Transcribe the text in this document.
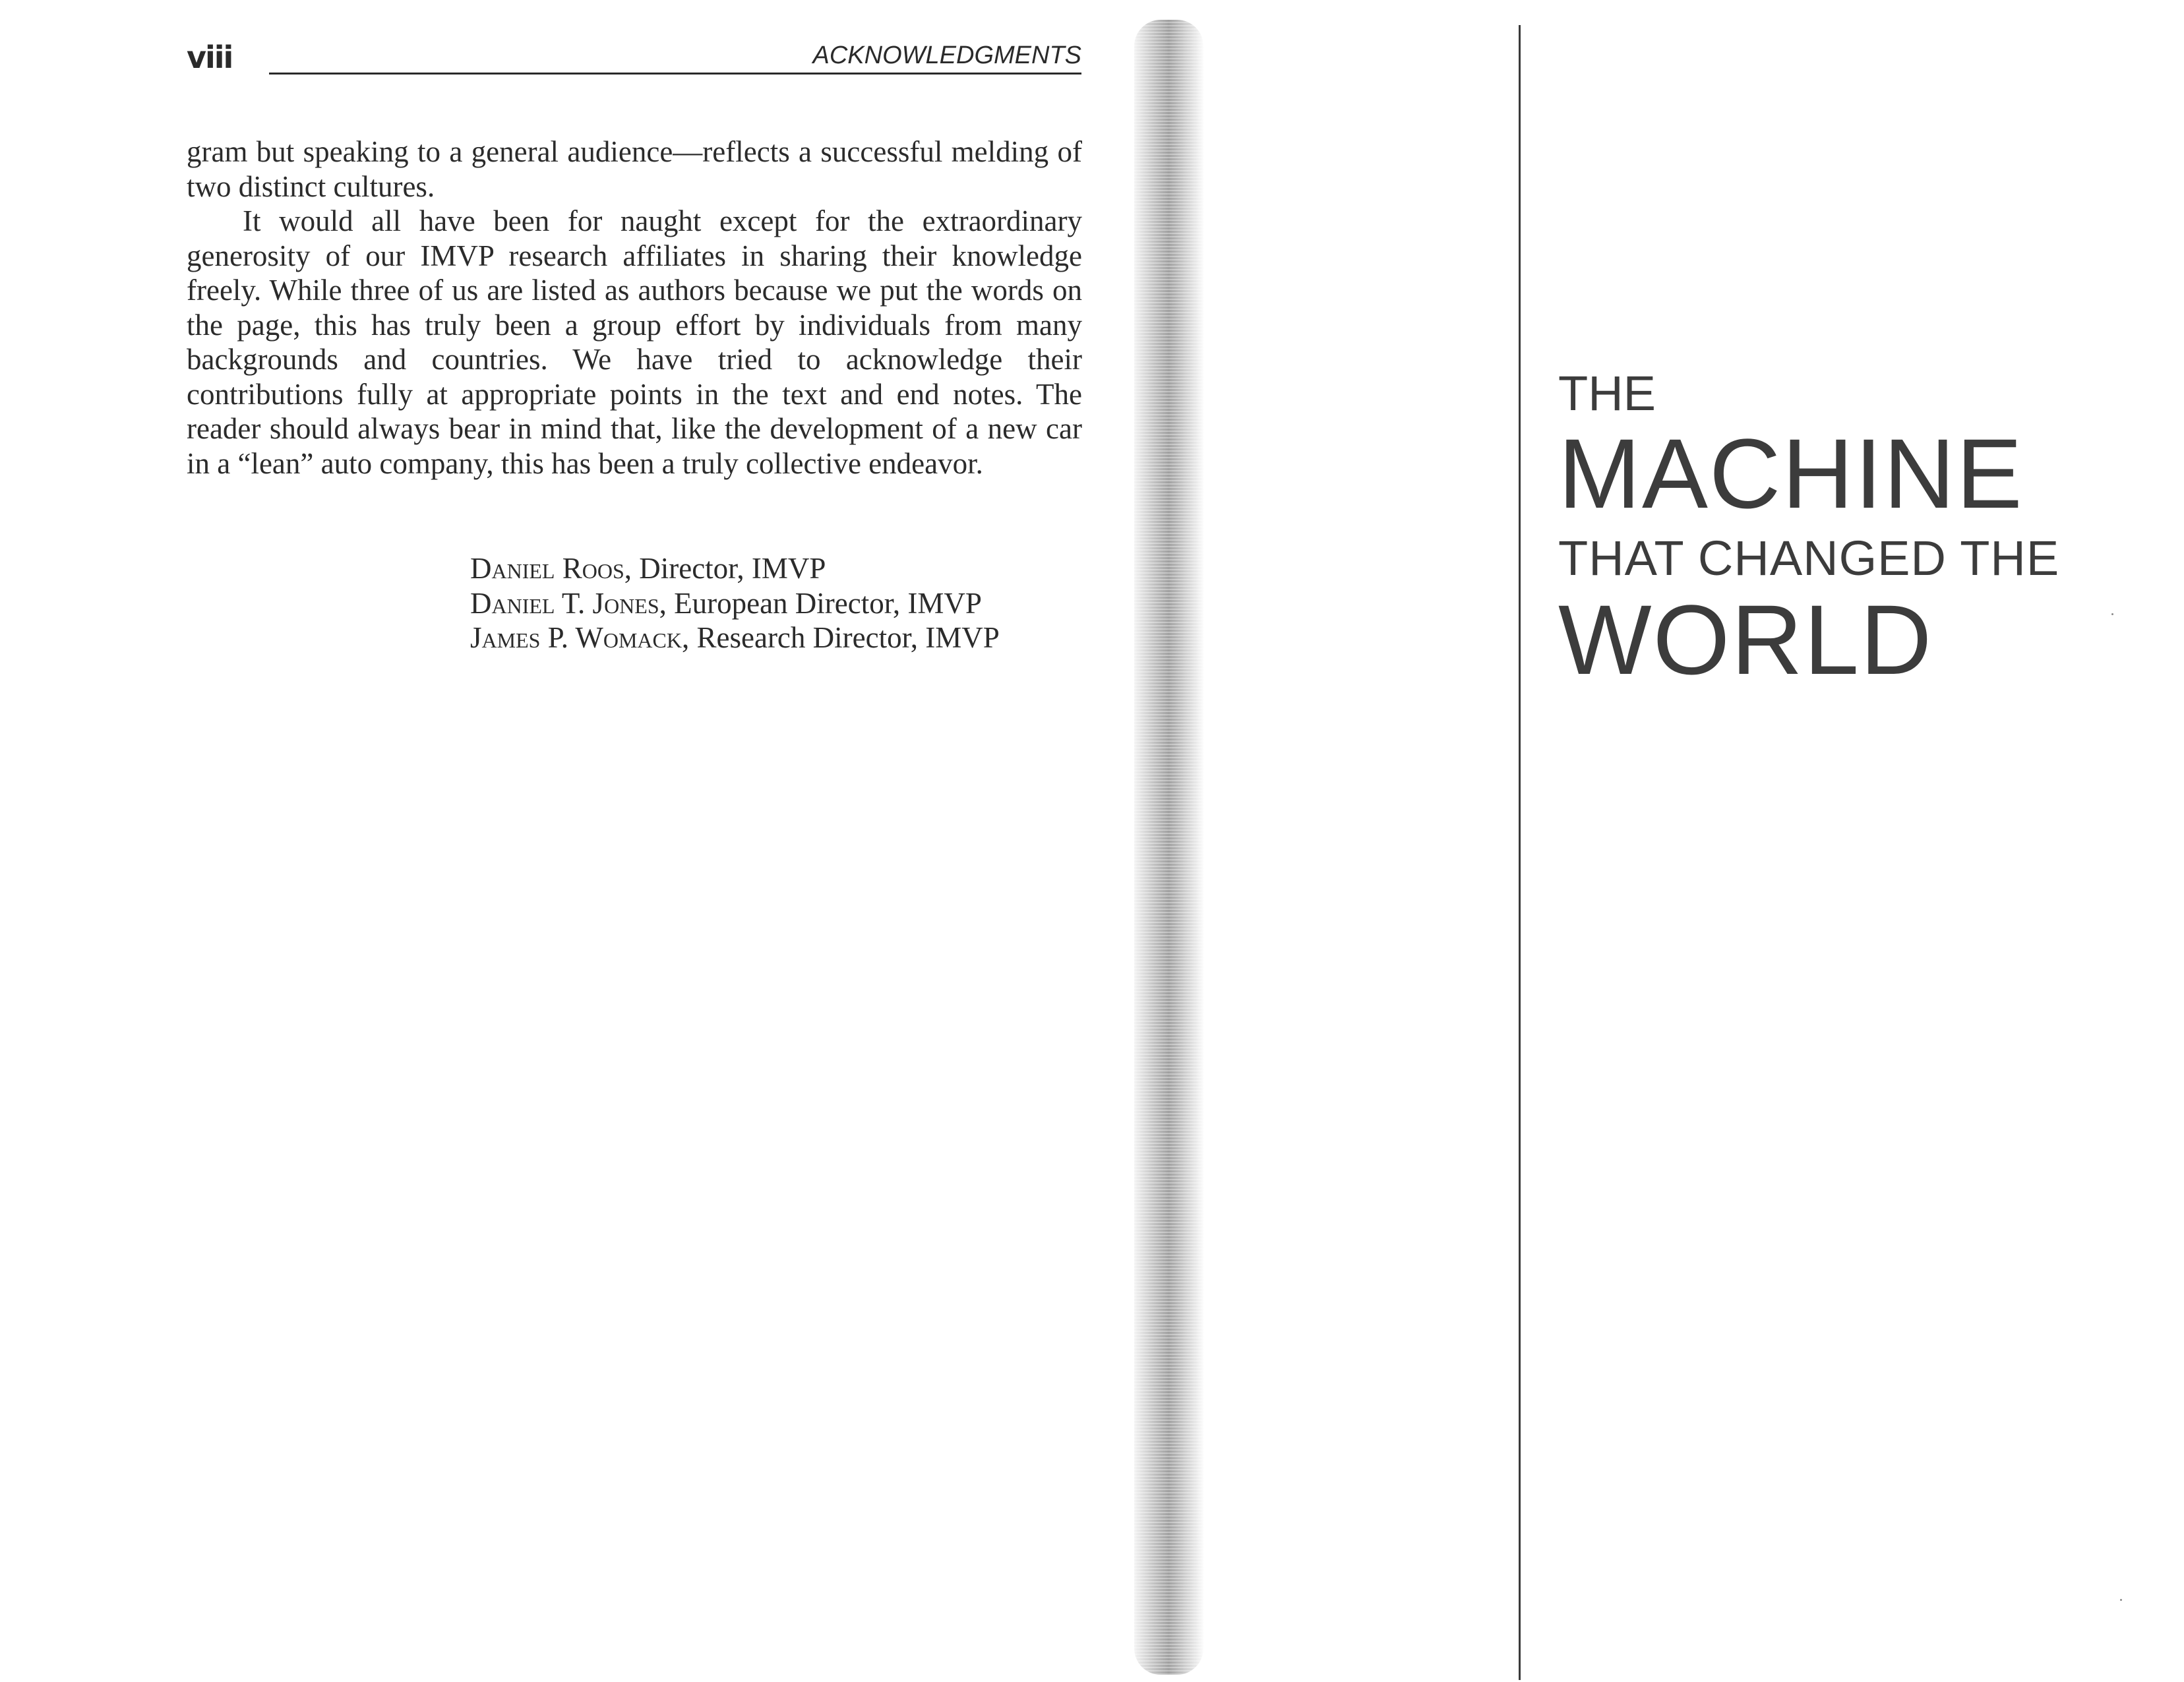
viii	ACKNOWLEDGMENTS

gram but speaking to a general audience—reflects a successful melding of two distinct cultures.

It would all have been for naught except for the extraordinary generosity of our IMVP research affiliates in sharing their knowledge freely. While three of us are listed as authors because we put the words on the page, this has truly been a group effort by individuals from many backgrounds and countries. We have tried to acknowledge their contributions fully at appropriate points in the text and end notes. The reader should always bear in mind that, like the development of a new car in a “lean” auto company, this has been a truly collective endeavor.

Daniel Roos, Director, IMVP
Daniel T. Jones, European Director, IMVP
James P. Womack, Research Director, IMVP
THE
MACHINE
THAT CHANGED THE
WORLD
